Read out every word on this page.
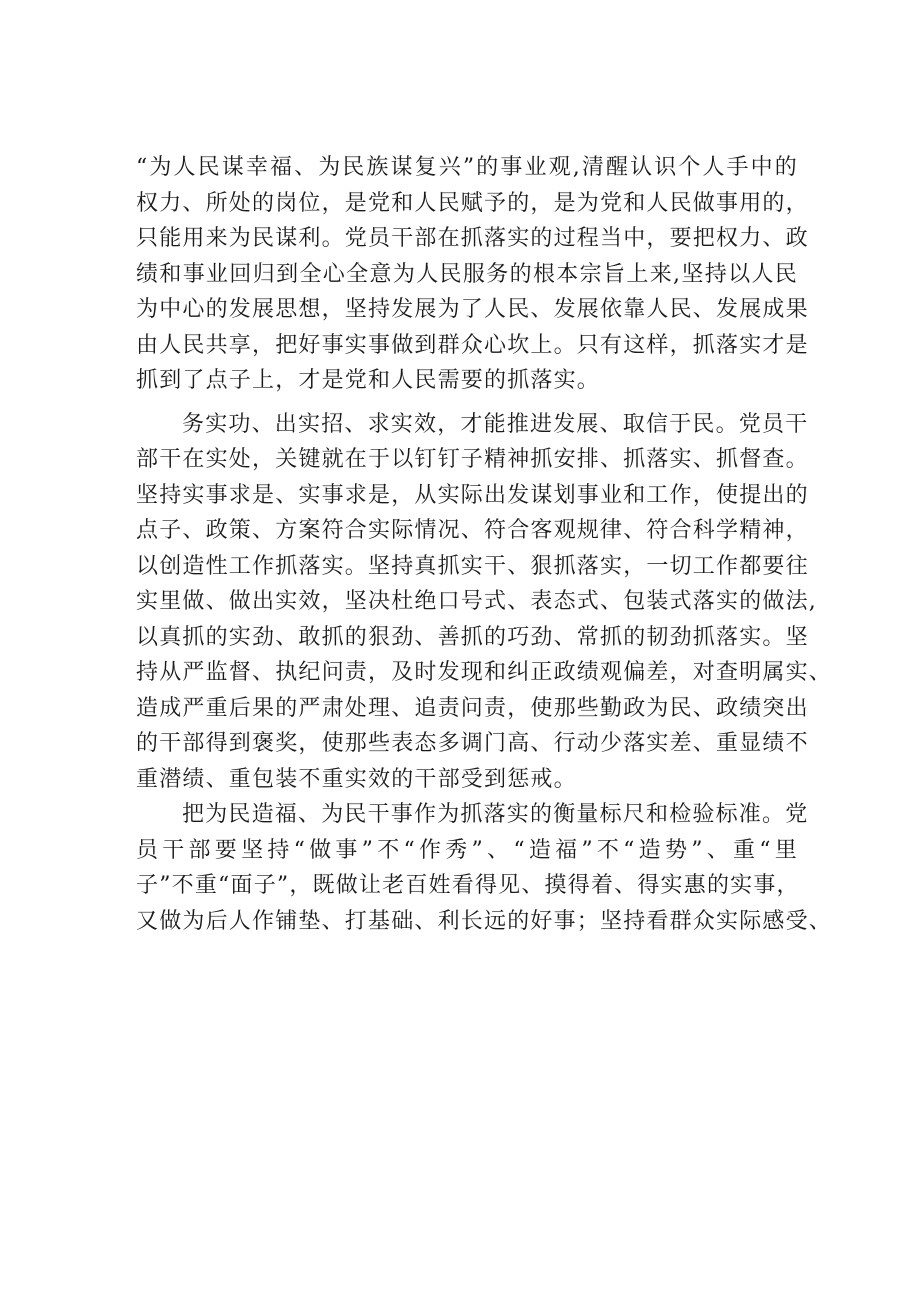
“为人民谋幸福、为民族谋复兴”的事业观,清醒认识个人手中的
权力、所处的岗位，是党和人民赋予的，是为党和人民做事用的，
只能用来为民谋利。党员干部在抓落实的过程当中，要把权力、政
绩和事业回归到全心全意为人民服务的根本宗旨上来,坚持以人民
为中心的发展思想，坚持发展为了人民、发展依靠人民、发展成果
由人民共享，把好事实事做到群众心坎上。只有这样，抓落实才是
抓到了点子上，才是党和人民需要的抓落实。
务实功、出实招、求实效，才能推进发展、取信于民。党员干
部干在实处，关键就在于以钉钉子精神抓安排、抓落实、抓督查。
坚持实事求是、实事求是，从实际出发谋划事业和工作，使提出的
点子、政策、方案符合实际情况、符合客观规律、符合科学精神，
以创造性工作抓落实。坚持真抓实干、狠抓落实，一切工作都要往
实里做、做出实效，坚决杜绝口号式、表态式、包装式落实的做法,
以真抓的实劲、敢抓的狠劲、善抓的巧劲、常抓的韧劲抓落实。坚
持从严监督、执纪问责，及时发现和纠正政绩观偏差，对查明属实、
造成严重后果的严肃处理、追责问责，使那些勤政为民、政绩突出
的干部得到褒奖，使那些表态多调门高、行动少落实差、重显绩不
重潜绩、重包装不重实效的干部受到惩戒。
把为民造福、为民干事作为抓落实的衡量标尺和检验标准。党
员干部要坚持“做事”不“作秀”、“造福”不“造势”、重“里
子”不重“面子”，既做让老百姓看得见、摸得着、得实惠的实事，
又做为后人作铺垫、打基础、利长远的好事；坚持看群众实际感受、
